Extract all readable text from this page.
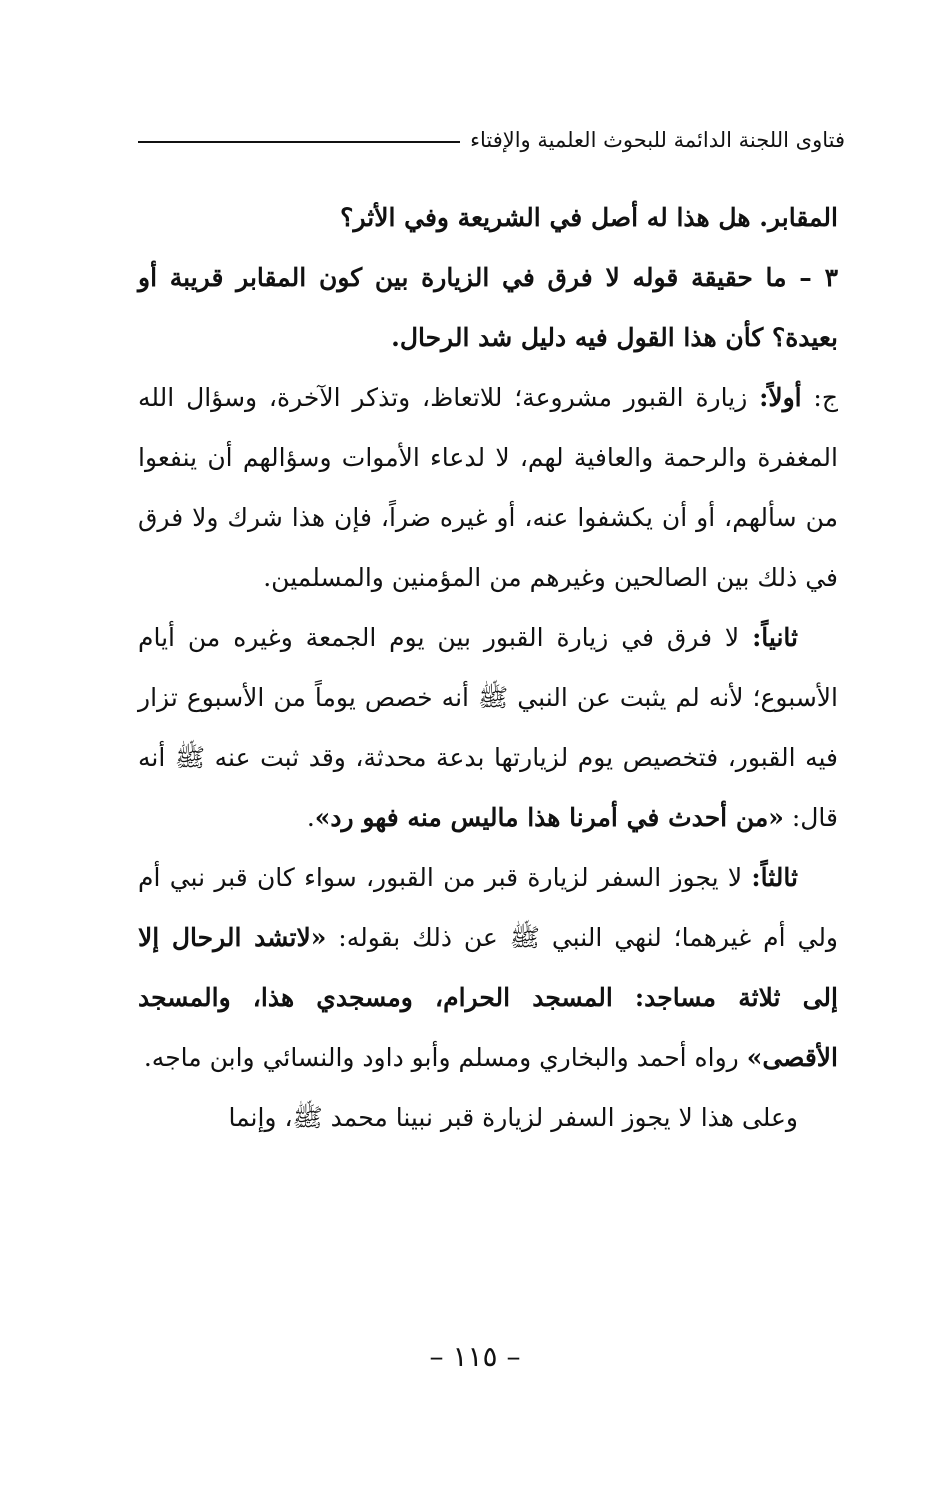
فتاوى اللجنة الدائمة للبحوث العلمية والإفتاء

المقابر. هل هذا له أصل في الشريعة وفي الأثر؟

٣ – ما حقيقة قوله لا فرق في الزيارة بين كون المقابر قريبة أو بعيدة؟ كأن هذا القول فيه دليل شد الرحال.

ج: أولاً: زيارة القبور مشروعة؛ للاتعاظ، وتذكر الآخرة، وسؤال الله المغفرة والرحمة والعافية لهم، لا لدعاء الأموات وسؤالهم أن ينفعوا من سألهم، أو أن يكشفوا عنه، أو غيره ضراً، فإن هذا شرك ولا فرق في ذلك بين الصالحين وغيرهم من المؤمنين والمسلمين.

ثانياً: لا فرق في زيارة القبور بين يوم الجمعة وغيره من أيام الأسبوع؛ لأنه لم يثبت عن النبي ﷺ أنه خصص يوماً من الأسبوع تزار فيه القبور، فتخصيص يوم لزيارتها بدعة محدثة، وقد ثبت عنه ﷺ أنه قال: «من أحدث في أمرنا هذا ماليس منه فهو رد».

ثالثاً: لا يجوز السفر لزيارة قبر من القبور، سواء كان قبر نبي أم ولي أم غيرهما؛ لنهي النبي ﷺ عن ذلك بقوله: «لاتشد الرحال إلا إلى ثلاثة مساجد: المسجد الحرام، ومسجدي هذا، والمسجد الأقصى» رواه أحمد والبخاري ومسلم وأبو داود والنسائي وابن ماجه.

وعلى هذا لا يجوز السفر لزيارة قبر نبينا محمد ﷺ، وإنما

– ١١٥ –
